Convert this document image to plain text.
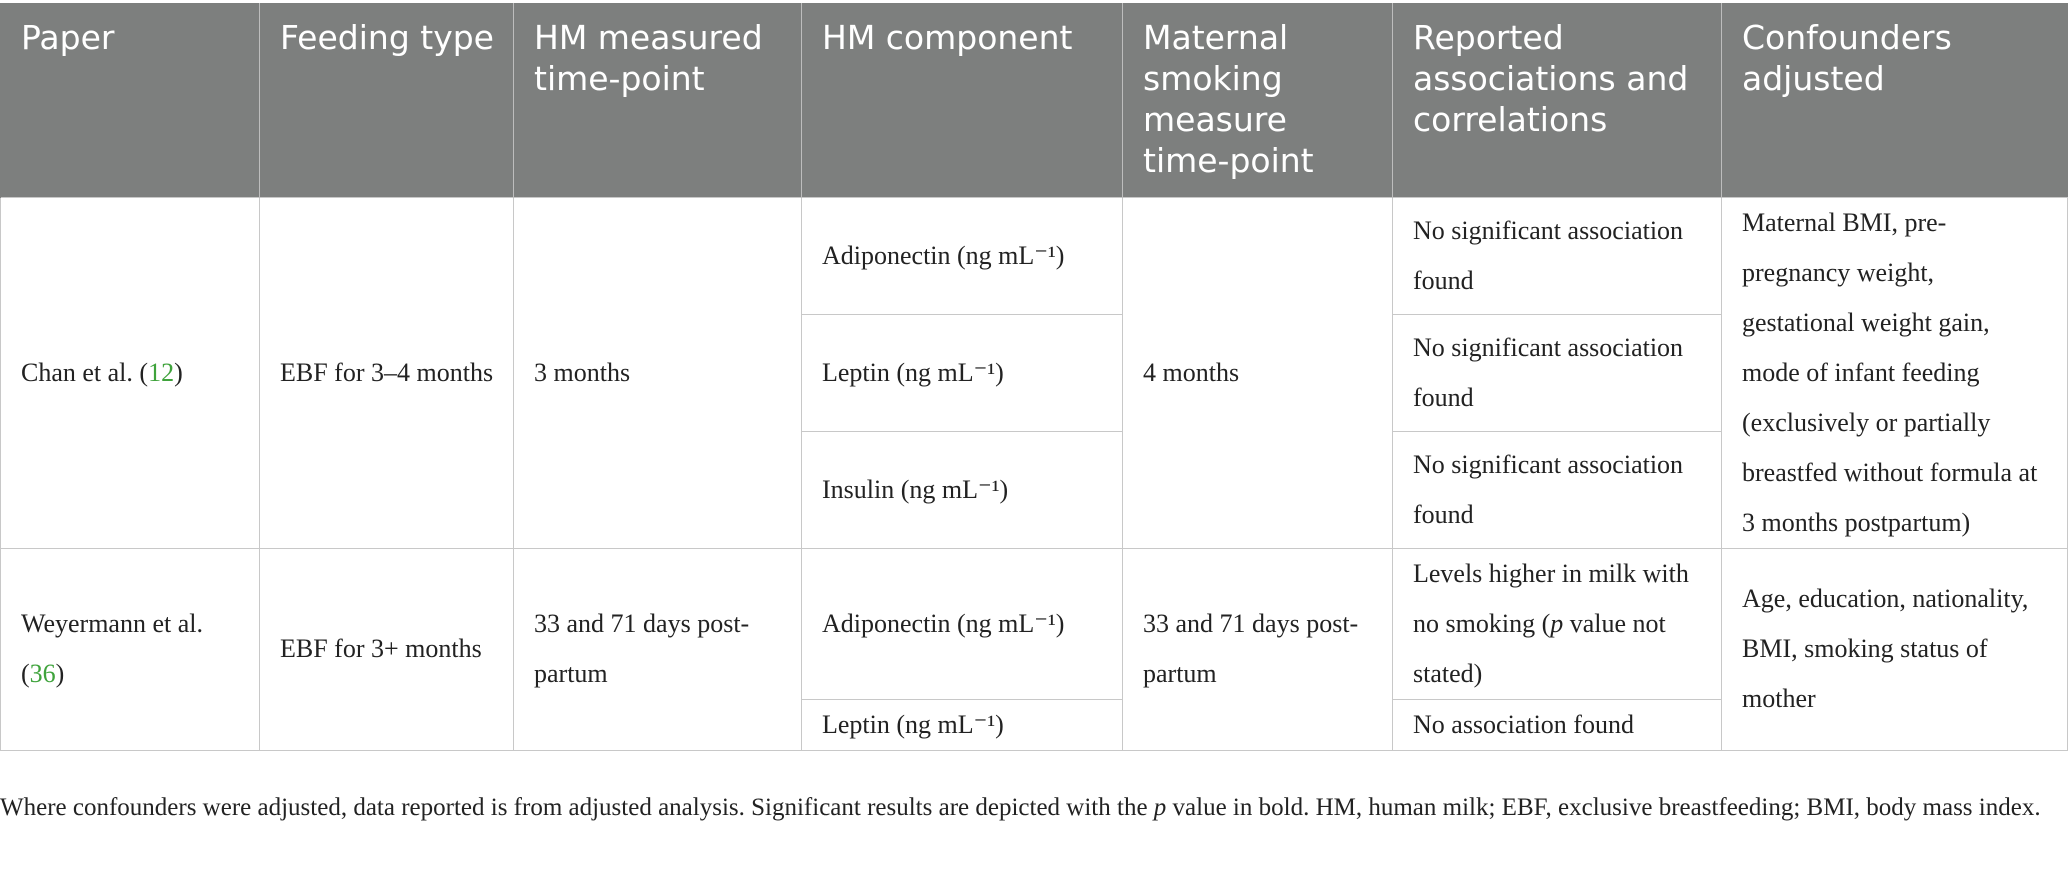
Paper	Feeding type	HM measured time-point	HM component	Maternal smoking measure time-point	Reported associations and correlations	Confounders adjusted
Chan et al. (12)	EBF for 3–4 months	3 months	Adiponectin (ng mL⁻¹)	4 months	No significant association found	Maternal BMI, pre-pregnancy weight, gestational weight gain, mode of infant feeding (exclusively or partially breastfed without formula at 3 months postpartum)
			Leptin (ng mL⁻¹)		No significant association found	
			Insulin (ng mL⁻¹)		No significant association found	
Weyermann et al. (36)	EBF for 3+ months	33 and 71 days post-partum	Adiponectin (ng mL⁻¹)	33 and 71 days post-partum	Levels higher in milk with no smoking (p value not stated)	Age, education, nationality, BMI, smoking status of mother
			Leptin (ng mL⁻¹)		No association found	

Where confounders were adjusted, data reported is from adjusted analysis. Significant results are depicted with the p value in bold. HM, human milk; EBF, exclusive breastfeeding; BMI, body mass index.
